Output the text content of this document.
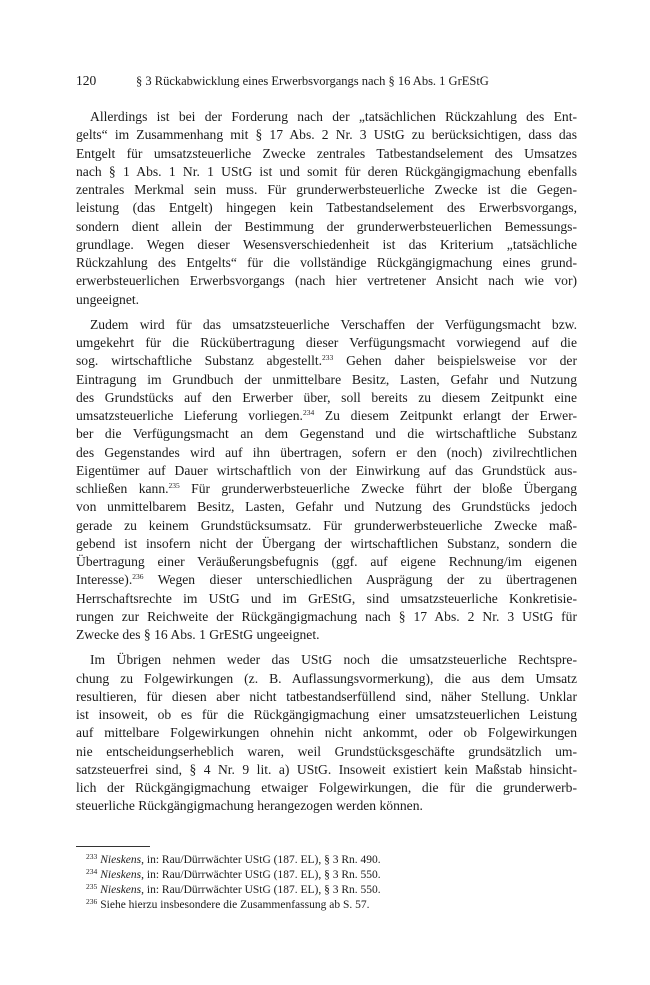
120	§ 3 Rückabwicklung eines Erwerbsvorgangs nach § 16 Abs. 1 GrEStG
Allerdings ist bei der Forderung nach der „tatsächlichen Rückzahlung des Ent-
gelts“ im Zusammenhang mit § 17 Abs. 2 Nr. 3 UStG zu berücksichtigen, dass das
Entgelt für umsatzsteuerliche Zwecke zentrales Tatbestandselement des Umsatzes
nach § 1 Abs. 1 Nr. 1 UStG ist und somit für deren Rückgängigmachung ebenfalls
zentrales Merkmal sein muss. Für grunderwerbsteuerliche Zwecke ist die Gegen-
leistung (das Entgelt) hingegen kein Tatbestandselement des Erwerbsvorgangs,
sondern dient allein der Bestimmung der grunderwerbsteuerlichen Bemessungs-
grundlage. Wegen dieser Wesensverschiedenheit ist das Kriterium „tatsächliche
Rückzahlung des Entgelts“ für die vollständige Rückgängigmachung eines grund-
erwerbsteuerlichen Erwerbsvorgangs (nach hier vertretener Ansicht nach wie vor)
ungeeignet.
Zudem wird für das umsatzsteuerliche Verschaffen der Verfügungsmacht bzw.
umgekehrt für die Rückübertragung dieser Verfügungsmacht vorwiegend auf die
sog. wirtschaftliche Substanz abgestellt.$^{233}$ Gehen daher beispielsweise vor der
Eintragung im Grundbuch der unmittelbare Besitz, Lasten, Gefahr und Nutzung
des Grundstücks auf den Erwerber über, soll bereits zu diesem Zeitpunkt eine
umsatzsteuerliche Lieferung vorliegen.$^{234}$ Zu diesem Zeitpunkt erlangt der Erwer-
ber die Verfügungsmacht an dem Gegenstand und die wirtschaftliche Substanz
des Gegenstandes wird auf ihn übertragen, sofern er den (noch) zivilrechtlichen
Eigentümer auf Dauer wirtschaftlich von der Einwirkung auf das Grundstück aus-
schließen kann.$^{235}$ Für grunderwerbsteuerliche Zwecke führt der bloße Übergang
von unmittelbarem Besitz, Lasten, Gefahr und Nutzung des Grundstücks jedoch
gerade zu keinem Grundstücksumsatz. Für grunderwerbsteuerliche Zwecke maß-
gebend ist insofern nicht der Übergang der wirtschaftlichen Substanz, sondern die
Übertragung einer Veräußerungsbefugnis (ggf. auf eigene Rechnung/im eigenen
Interesse).$^{236}$ Wegen dieser unterschiedlichen Ausprägung der zu übertragenen
Herrschaftsrechte im UStG und im GrEStG, sind umsatzsteuerliche Konkretisie-
rungen zur Reichweite der Rückgängigmachung nach § 17 Abs. 2 Nr. 3 UStG für
Zwecke des § 16 Abs. 1 GrEStG ungeeignet.
Im Übrigen nehmen weder das UStG noch die umsatzsteuerliche Rechtspre-
chung zu Folgewirkungen (z. B. Auflassungsvormerkung), die aus dem Umsatz
resultieren, für diesen aber nicht tatbestandserfüllend sind, näher Stellung. Unklar
ist insoweit, ob es für die Rückgängigmachung einer umsatzsteuerlichen Leistung
auf mittelbare Folgewirkungen ohnehin nicht ankommt, oder ob Folgewirkungen
nie entscheidungserheblich waren, weil Grundstücksgeschäfte grundsätzlich um-
satzsteuerfrei sind, § 4 Nr. 9 lit. a) UStG. Insoweit existiert kein Maßstab hinsicht-
lich der Rückgängigmachung etwaiger Folgewirkungen, die für die grunderwerb-
steuerliche Rückgängigmachung herangezogen werden können.
$^{233}$ Nieskens, in: Rau/Dürrwächter UStG (187. EL), § 3 Rn. 490.
$^{234}$ Nieskens, in: Rau/Dürrwächter UStG (187. EL), § 3 Rn. 550.
$^{235}$ Nieskens, in: Rau/Dürrwächter UStG (187. EL), § 3 Rn. 550.
$^{236}$ Siehe hierzu insbesondere die Zusammenfassung ab S. 57.
